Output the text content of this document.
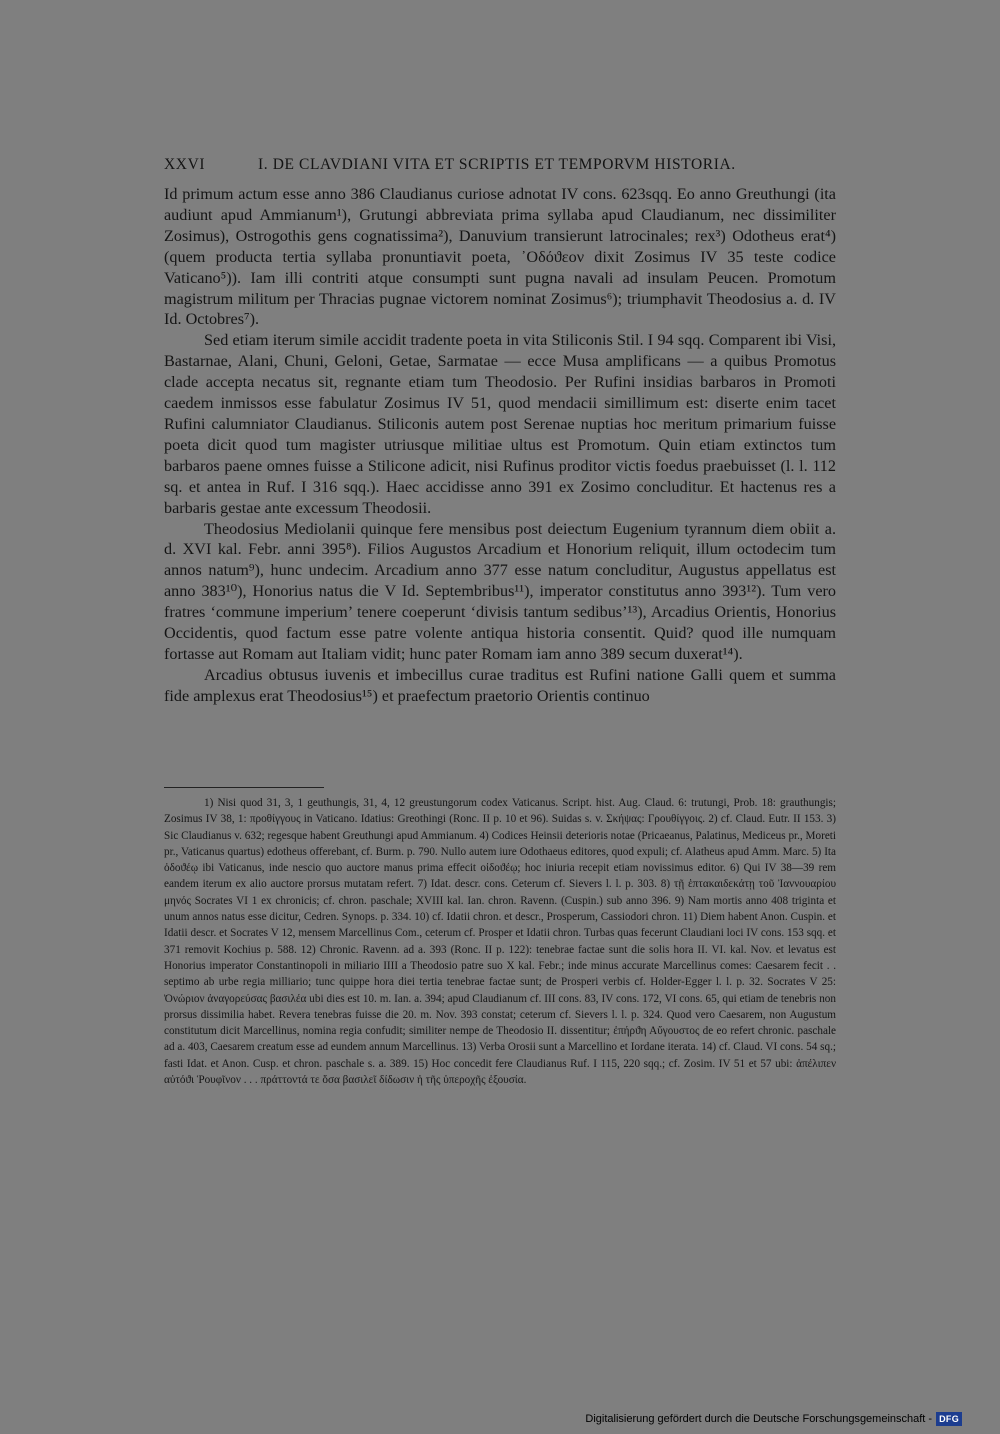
XXVI	I. DE CLAVDIANI VITA ET SCRIPTIS ET TEMPORVM HISTORIA.

Id primum actum esse anno 386 Claudianus curiose adnotat IV cons. 623sqq. Eo anno Greuthungi (ita audiunt apud Ammianum¹), Grutungi abbreviata prima syllaba apud Claudianum, nec dissimiliter Zosimus), Ostrogothis gens cognatissima²), Danuvium transierunt latrocinales; rex³) Odotheus erat⁴) (quem producta tertia syllaba pronuntiavit poeta, ᾿Οδόϑεον dixit Zosimus IV 35 teste codice Vaticano⁵)). Iam illi contriti atque consumpti sunt pugna navali ad insulam Peucen. Promotum magistrum militum per Thracias pugnae victorem nominat Zosimus⁶); triumphavit Theodosius a. d. IV Id. Octobres⁷).

Sed etiam iterum simile accidit tradente poeta in vita Stiliconis Stil. I 94 sqq. Comparent ibi Visi, Bastarnae, Alani, Chuni, Geloni, Getae, Sarmatae — ecce Musa amplificans — a quibus Promotus clade accepta necatus sit, regnante etiam tum Theodosio. Per Rufini insidias barbaros in Promoti caedem inmissos esse fabulatur Zosimus IV 51, quod mendacii simillimum est: diserte enim tacet Rufini calumniator Claudianus. Stiliconis autem post Serenae nuptias hoc meritum primarium fuisse poeta dicit quod tum magister utriusque militiae ultus est Promotum. Quin etiam extinctos tum barbaros paene omnes fuisse a Stilicone adicit, nisi Rufinus proditor victis foedus praebuisset (l. l. 112 sq. et antea in Ruf. I 316 sqq.). Haec accidisse anno 391 ex Zosimo concluditur. Et hactenus res a barbaris gestae ante excessum Theodosii.

Theodosius Mediolanii quinque fere mensibus post deiectum Eugenium tyrannum diem obiit a. d. XVI kal. Febr. anni 395⁸). Filios Augustos Arcadium et Honorium reliquit, illum octodecim tum annos natum⁹), hunc undecim. Arcadium anno 377 esse natum concluditur, Augustus appellatus est anno 383¹⁰), Honorius natus die V Id. Septembribus¹¹), imperator constitutus anno 393¹²). Tum vero fratres ‘commune imperium’ tenere coeperunt ‘divisis tantum sedibus’¹³), Arcadius Orientis, Honorius Occidentis, quod factum esse patre volente antiqua historia consentit. Quid? quod ille numquam fortasse aut Romam aut Italiam vidit; hunc pater Romam iam anno 389 secum duxerat¹⁴).

Arcadius obtusus iuvenis et imbecillus curae traditus est Rufini natione Galli quem et summa fide amplexus erat Theodosius¹⁵) et praefectum praetorio Orientis continuo

1) Nisi quod 31, 3, 1 geuthungis, 31, 4, 12 greustungorum codex Vaticanus. Script. hist. Aug. Claud. 6: trutungi, Prob. 18: grauthungis; Zosimus IV 38, 1: προθίγγους in Vaticano. Idatius: Greothingi (Ronc. II p. 10 et 96). Suidas s. v. Σκήψας: Γρουθίγγοις. 2) cf. Claud. Eutr. II 153. 3) Sic Claudianus v. 632; regesque habent Greuthungi apud Ammianum. 4) Codices Heinsii deterioris notae (Pricaeanus, Palatinus, Mediceus pr., Moreti pr., Vaticanus quartus) edotheus offerebant, cf. Burm. p. 790. Nullo autem iure Odothaeus editores, quod expuli; cf. Alatheus apud Amm. Marc. 5) Ita ὀδοϑέῳ ibi Vaticanus, inde nescio quo auctore manus prima effecit οἰδοϑέῳ; hoc iniuria recepit etiam novissimus editor. 6) Qui IV 38—39 rem eandem iterum ex alio auctore prorsus mutatam refert. 7) Idat. descr. cons. Ceterum cf. Sievers l. l. p. 303. 8) τῇ ἑπτακαιδεκάτῃ τοῦ Ἰαννουαρίου μηνός Socrates VI 1 ex chronicis; cf. chron. paschale; XVIII kal. Ian. chron. Ravenn. (Cuspin.) sub anno 396. 9) Nam mortis anno 408 triginta et unum annos natus esse dicitur, Cedren. Synops. p. 334. 10) cf. Idatii chron. et descr., Prosperum, Cassiodori chron. 11) Diem habent Anon. Cuspin. et Idatii descr. et Socrates V 12, mensem Marcellinus Com., ceterum cf. Prosper et Idatii chron. Turbas quas fecerunt Claudiani loci IV cons. 153 sqq. et 371 removit Kochius p. 588. 12) Chronic. Ravenn. ad a. 393 (Ronc. II p. 122): tenebrae factae sunt die solis hora II. VI. kal. Nov. et levatus est Honorius imperator Constantinopoli in miliario IIII a Theodosio patre suo X kal. Febr.; inde minus accurate Marcellinus comes: Caesarem fecit . . septimo ab urbe regia milliario; tunc quippe hora diei tertia tenebrae factae sunt; de Prosperi verbis cf. Holder-Egger l. l. p. 32. Socrates V 25: Ὀνώριον ἀναγορεύσας βασιλέα ubi dies est 10. m. Ian. a. 394; apud Claudianum cf. III cons. 83, IV cons. 172, VI cons. 65, qui etiam de tenebris non prorsus dissimilia habet. Revera tenebras fuisse die 20. m. Nov. 393 constat; ceterum cf. Sievers l. l. p. 324. Quod vero Caesarem, non Augustum constitutum dicit Marcellinus, nomina regia confudit; similiter nempe de Theodosio II. dissentitur; ἐπήρϑη Αὔγουστος de eo refert chronic. paschale ad a. 403, Caesarem creatum esse ad eundem annum Marcellinus. 13) Verba Orosii sunt a Marcellino et Iordane iterata. 14) cf. Claud. VI cons. 54 sq.; fasti Idat. et Anon. Cusp. et chron. paschale s. a. 389. 15) Hoc concedit fere Claudianus Ruf. I 115, 220 sqq.; cf. Zosim. IV 51 et 57 ubi: ἀπέλιπεν αὐτόϑι Ῥουφῖνον . . . πράττοντά τε ὅσα βασιλεῖ δίδωσιν ἡ τῆς ὑπεροχῆς ἐξουσία.

Digitalisierung gefördert durch die Deutsche Forschungsgemeinschaft - DFG
